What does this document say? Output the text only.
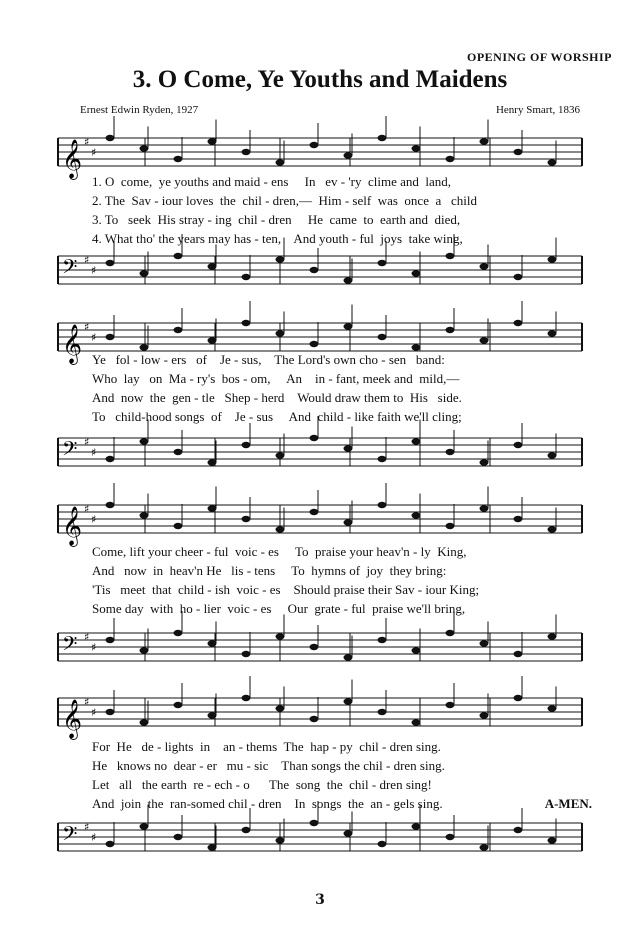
OPENING OF WORSHIP
3. O Come, Ye Youths and Maidens
Ernest Edwin Ryden, 1927	Henry Smart, 1836
𝄞 ♯
♯
1. O  come,  ye youths and maid - ens     In   ev - 'ry  clime and  land,
2. The  Sav - iour loves  the  chil - dren,—  Him - self  was  once  a   child
3. To   seek  His stray - ing  chil - dren     He  came  to  earth and  died,
4. What tho' the years may has - ten,    And youth - ful  joys  take wing,
𝄢 ♯
♯
𝄞 ♯
♯
Ye   fol - low - ers   of    Je - sus,    The Lord's own cho - sen   band:
Who  lay   on  Ma - ry's  bos - om,     An    in - fant, meek and  mild,—
And  now  the  gen - tle   Shep - herd    Would draw them to  His   side.
To   child-hood songs  of    Je - sus     And  child - like faith we'll cling;
𝄢 ♯
♯
𝄞 ♯
♯
Come, lift your cheer - ful  voic - es     To  praise your heav'n - ly  King,
And   now  in  heav'n He   lis - tens     To  hymns of  joy  they bring:
'Tis   meet  that  child - ish  voic - es    Should praise their Sav - iour King;
Some day  with  ho - lier  voic - es     Our  grate - ful  praise we'll bring,
𝄢 ♯
♯
𝄞 ♯
♯
For  He   de - lights  in    an - thems  The  hap - py  chil - dren sing.
He   knows no  dear - er   mu - sic    Than songs the chil - dren sing.
Let   all   the earth  re - ech - o      The  song  the  chil - dren sing!
And  join  the  ran-somed chil - dren    In  songs  the  an - gels sing.	A-MEN.
𝄢 ♯
♯
3
